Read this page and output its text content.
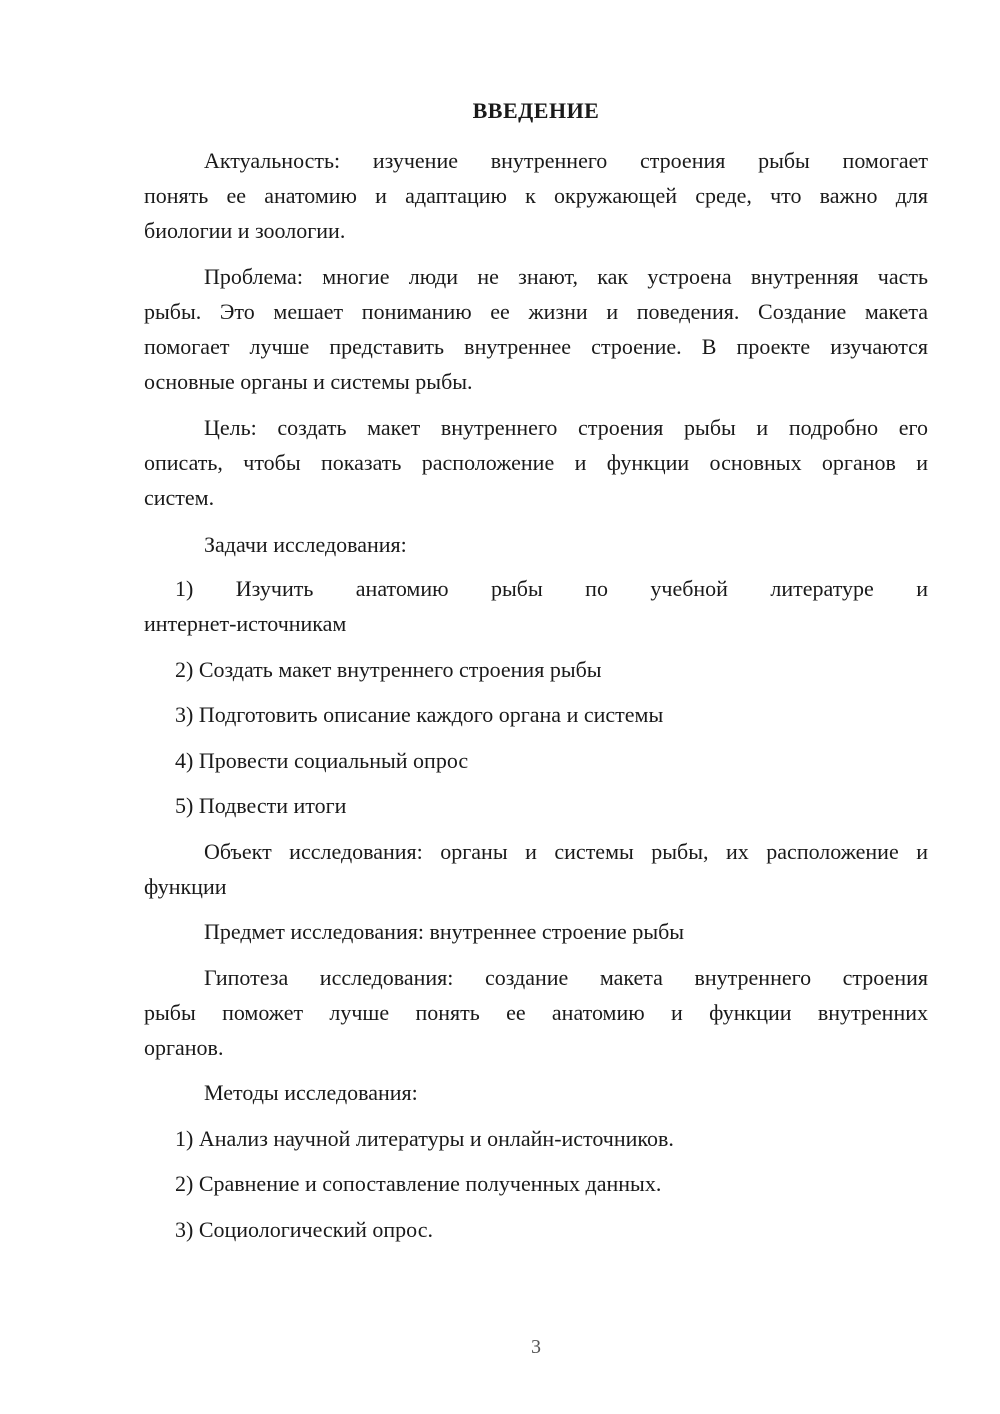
ВВЕДЕНИЕ
Актуальность: изучение внутреннего строения рыбы помогает
понять ее анатомию и адаптацию к окружающей среде, что важно для
биологии и зоологии.
Проблема: многие люди не знают, как устроена внутренняя часть
рыбы. Это мешает пониманию ее жизни и поведения. Создание макета
помогает лучше представить внутреннее строение. В проекте изучаются
основные органы и системы рыбы.
Цель: создать макет внутреннего строения рыбы и подробно его
описать, чтобы показать расположение и функции основных органов и
систем.
Задачи исследования:
1) Изучить анатомию рыбы по учебной литературе и
интернет-источникам
2) Создать макет внутреннего строения рыбы
3) Подготовить описание каждого органа и системы
4) Провести социальный опрос
5) Подвести итоги
Объект исследования: органы и системы рыбы, их расположение и
функции
Предмет исследования: внутреннее строение рыбы
Гипотеза исследования: создание макета внутреннего строения
рыбы поможет лучше понять ее анатомию и функции внутренних
органов.
Методы исследования:
1) Анализ научной литературы и онлайн-источников.
2) Сравнение и сопоставление полученных данных.
3) Социологический опрос.
3
